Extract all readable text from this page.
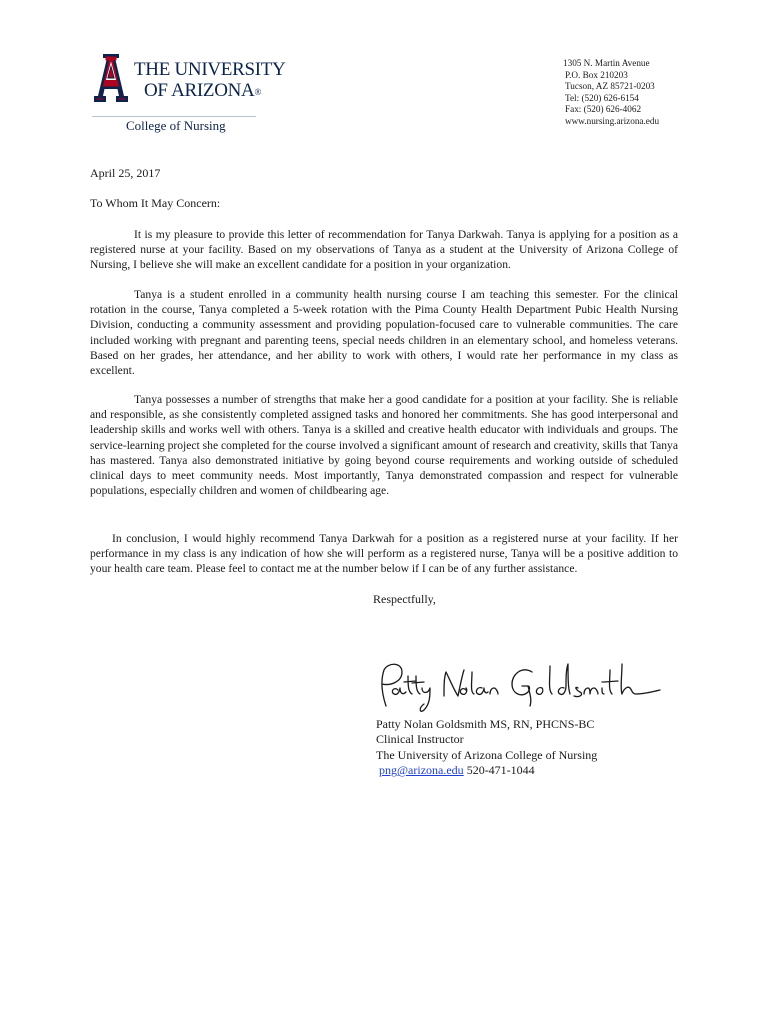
THE UNIVERSITY
OF ARIZONA®
College of Nursing
1305 N. Martin Avenue
P.O. Box 210203
Tucson, AZ 85721-0203
Tel: (520) 626-6154
Fax: (520) 626-4062
www.nursing.arizona.edu
April 25, 2017
To Whom It May Concern:

It is my pleasure to provide this letter of recommendation for Tanya Darkwah. Tanya is applying for a position as a registered nurse at your facility. Based on my observations of Tanya as a student at the University of Arizona College of Nursing, I believe she will make an excellent candidate for a position in your organization.

Tanya is a student enrolled in a community health nursing course I am teaching this semester. For the clinical rotation in the course, Tanya completed a 5-week rotation with the Pima County Health Department Pubic Health Nursing Division, conducting a community assessment and providing population-focused care to vulnerable communities. The care included working with pregnant and parenting teens, special needs children in an elementary school, and homeless veterans. Based on her grades, her attendance, and her ability to work with others, I would rate her performance in my class as excellent.

Tanya possesses a number of strengths that make her a good candidate for a position at your facility. She is reliable and responsible, as she consistently completed assigned tasks and honored her commitments. She has good interpersonal and leadership skills and works well with others. Tanya is a skilled and creative health educator with individuals and groups. The service-learning project she completed for the course involved a significant amount of research and creativity, skills that Tanya has mastered. Tanya also demonstrated initiative by going beyond course requirements and working outside of scheduled clinical days to meet community needs. Most importantly, Tanya demonstrated compassion and respect for vulnerable populations, especially children and women of childbearing age.

In conclusion, I would highly recommend Tanya Darkwah for a position as a registered nurse at your facility. If her performance in my class is any indication of how she will perform as a registered nurse, Tanya will be a positive addition to your health care team. Please feel to contact me at the number below if I can be of any further assistance.

Respectfully,
Patty Nolan Goldsmith MS, RN, PHCNS-BC
Clinical Instructor
The University of Arizona College of Nursing
png@arizona.edu 520-471-1044
